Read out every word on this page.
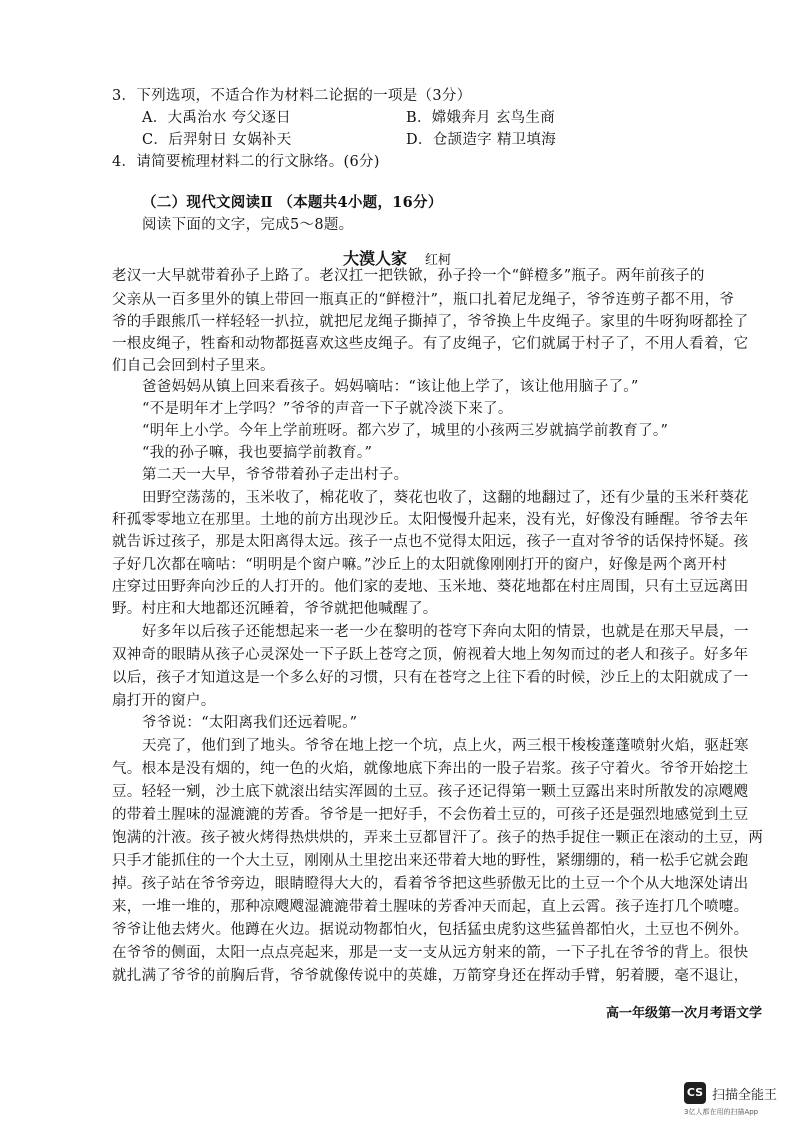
3．下列选项，不适合作为材料二论据的一项是（3分）
A．大禹治水 夸父逐日	B．嫦娥奔月 玄鸟生商
C．后羿射日 女娲补天	D．仓颉造字 精卫填海
4．请简要梳理材料二的行文脉络。(6分)
（二）现代文阅读Ⅱ （本题共4小题，16分）
阅读下面的文字，完成5～8题。
大漠人家 红柯
老汉一大早就带着孙子上路了。老汉扛一把铁锨，孙子拎一个“鲜橙多”瓶子。两年前孩子的
父亲从一百多里外的镇上带回一瓶真正的“鲜橙汁”，瓶口扎着尼龙绳子，爷爷连剪子都不用，爷
爷的手跟熊爪一样轻轻一扒拉，就把尼龙绳子撕掉了，爷爷换上牛皮绳子。家里的牛呀狗呀都拴了
一根皮绳子，牲畜和动物都挺喜欢这些皮绳子。有了皮绳子，它们就属于村子了，不用人看着，它
们自己会回到村子里来。
爸爸妈妈从镇上回来看孩子。妈妈嘀咕：“该让他上学了，该让他用脑子了。”
“不是明年才上学吗？”爷爷的声音一下子就冷淡下来了。
“明年上小学。今年上学前班呀。都六岁了，城里的小孩两三岁就搞学前教育了。”
“我的孙子嘛，我也要搞学前教育。”
第二天一大早，爷爷带着孙子走出村子。
田野空荡荡的，玉米收了，棉花收了，葵花也收了，这翻的地翻过了，还有少量的玉米秆葵花
秆孤零零地立在那里。土地的前方出现沙丘。太阳慢慢升起来，没有光，好像没有睡醒。爷爷去年
就告诉过孩子，那是太阳离得太远。孩子一点也不觉得太阳远，孩子一直对爷爷的话保持怀疑。孩
子好几次都在嘀咕：“明明是个窗户嘛。”沙丘上的太阳就像刚刚打开的窗户，好像是两个离开村
庄穿过田野奔向沙丘的人打开的。他们家的麦地、玉米地、葵花地都在村庄周围，只有土豆远离田
野。村庄和大地都还沉睡着，爷爷就把他喊醒了。
好多年以后孩子还能想起来一老一少在黎明的苍穹下奔向太阳的情景，也就是在那天早晨，一
双神奇的眼睛从孩子心灵深处一下子跃上苍穹之顶，俯视着大地上匆匆而过的老人和孩子。好多年
以后，孩子才知道这是一个多么好的习惯，只有在苍穹之上往下看的时候，沙丘上的太阳就成了一
扇打开的窗户。
爷爷说：“太阳离我们还远着呢。”
天亮了，他们到了地头。爷爷在地上挖一个坑，点上火，两三根干梭梭蓬蓬喷射火焰，驱赶寒
气。根本是没有烟的，纯一色的火焰，就像地底下奔出的一股子岩浆。孩子守着火。爷爷开始挖土
豆。轻轻一剜，沙土底下就滚出结实浑圆的土豆。孩子还记得第一颗土豆露出来时所散发的凉飕飕
的带着土腥味的湿漉漉的芳香。爷爷是一把好手，不会伤着土豆的，可孩子还是强烈地感觉到土豆
饱满的汁液。孩子被火烤得热烘烘的，弄来土豆都冒汗了。孩子的热手捉住一颗正在滚动的土豆，两
只手才能抓住的一个大土豆，刚刚从土里挖出来还带着大地的野性，紧绷绷的，稍一松手它就会跑
掉。孩子站在爷爷旁边，眼睛瞪得大大的，看着爷爷把这些骄傲无比的土豆一个个从大地深处请出
来，一堆一堆的，那种凉飕飕湿漉漉带着土腥味的芳香冲天而起，直上云霄。孩子连打几个喷嚏。
爷爷让他去烤火。他蹲在火边。据说动物都怕火，包括猛虫虎豹这些猛兽都怕火，土豆也不例外。
在爷爷的侧面，太阳一点点亮起来，那是一支一支从远方射来的箭，一下子扎在爷爷的背上。很快
就扎满了爷爷的前胸后背，爷爷就像传说中的英雄，万箭穿身还在挥动手臂，躬着腰，毫不退让，
高一年级第一次月考语文学
CS 扫描全能王
3亿人都在用的扫描App
